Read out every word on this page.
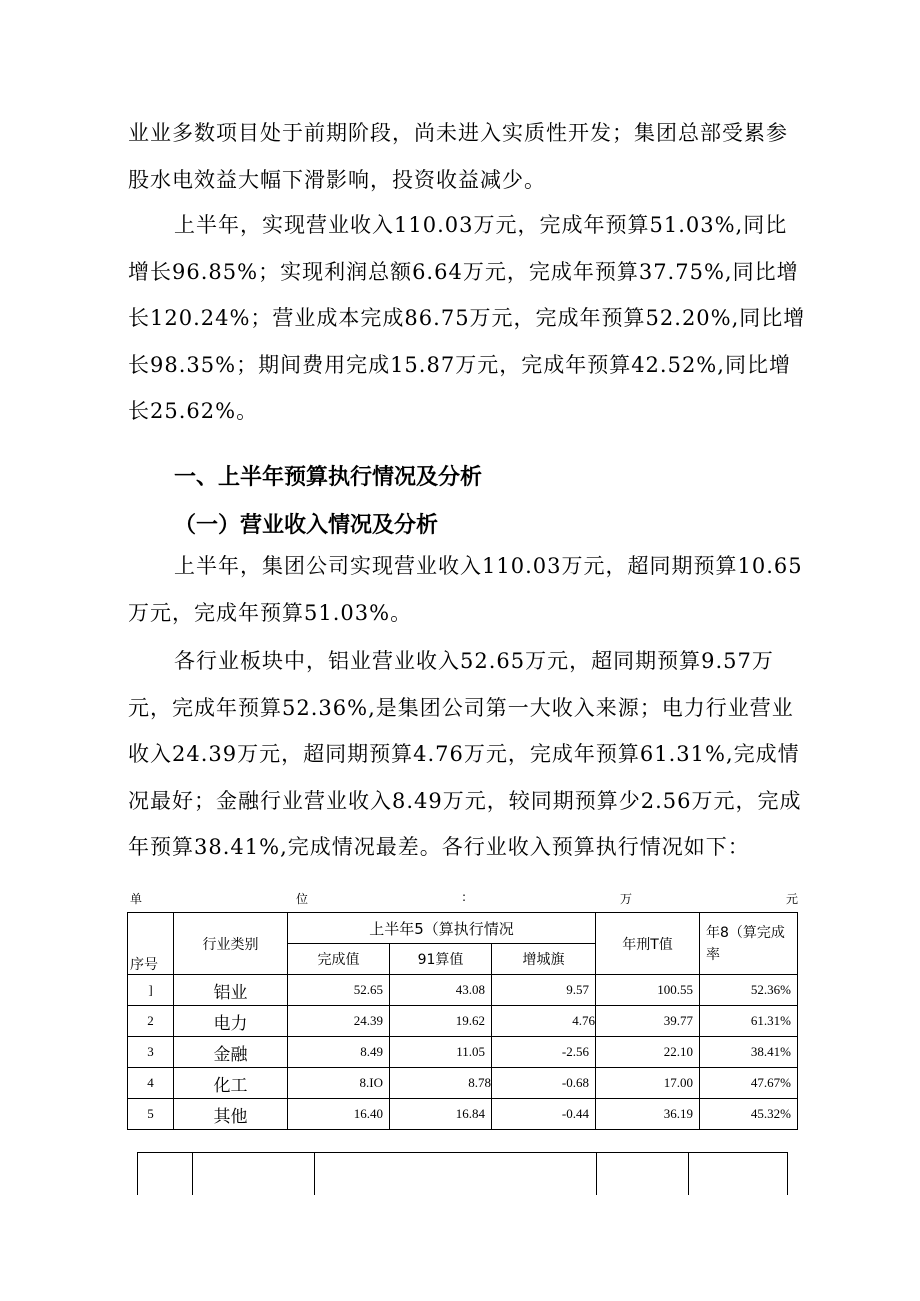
业业多数项目处于前期阶段，尚未进入实质性开发；集团总部受累参股水电效益大幅下滑影响，投资收益减少。

上半年，实现营业收入110.03万元，完成年预算51.03%,同比增长96.85%；实现利润总额6.64万元，完成年预算37.75%,同比增长120.24%；营业成本完成86.75万元，完成年预算52.20%,同比增长98.35%；期间费用完成15.87万元，完成年预算42.52%,同比增长25.62%。

一、上半年预算执行情况及分析
（一）营业收入情况及分析

上半年，集团公司实现营业收入110.03万元，超同期预算10.65万元，完成年预算51.03%。

各行业板块中，铝业营业收入52.65万元，超同期预算9.57万元，完成年预算52.36%,是集团公司第一大收入来源；电力行业营业收入24.39万元，超同期预算4.76万元，完成年预算61.31%,完成情况最好；金融行业营业收入8.49万元，较同期预算少2.56万元，完成年预算38.41%,完成情况最差。各行业收入预算执行情况如下：

单	位	:	万	元
序号	行业类别	上半年5（算执行情况			年刑T值	年8（算完成率
		完成值	91算值	增城旗		
]	铝业	52.65	43.08	9.57	100.55	52.36%
2	电力	24.39	19.62	4.76	39.77	61.31%
3	金融	8.49	11.05	-2.56	22.10	38.41%
4	化工	8.IO	8.78	-0.68	17.00	47.67%
5	其他	16.40	16.84	-0.44	36.19	45.32%
